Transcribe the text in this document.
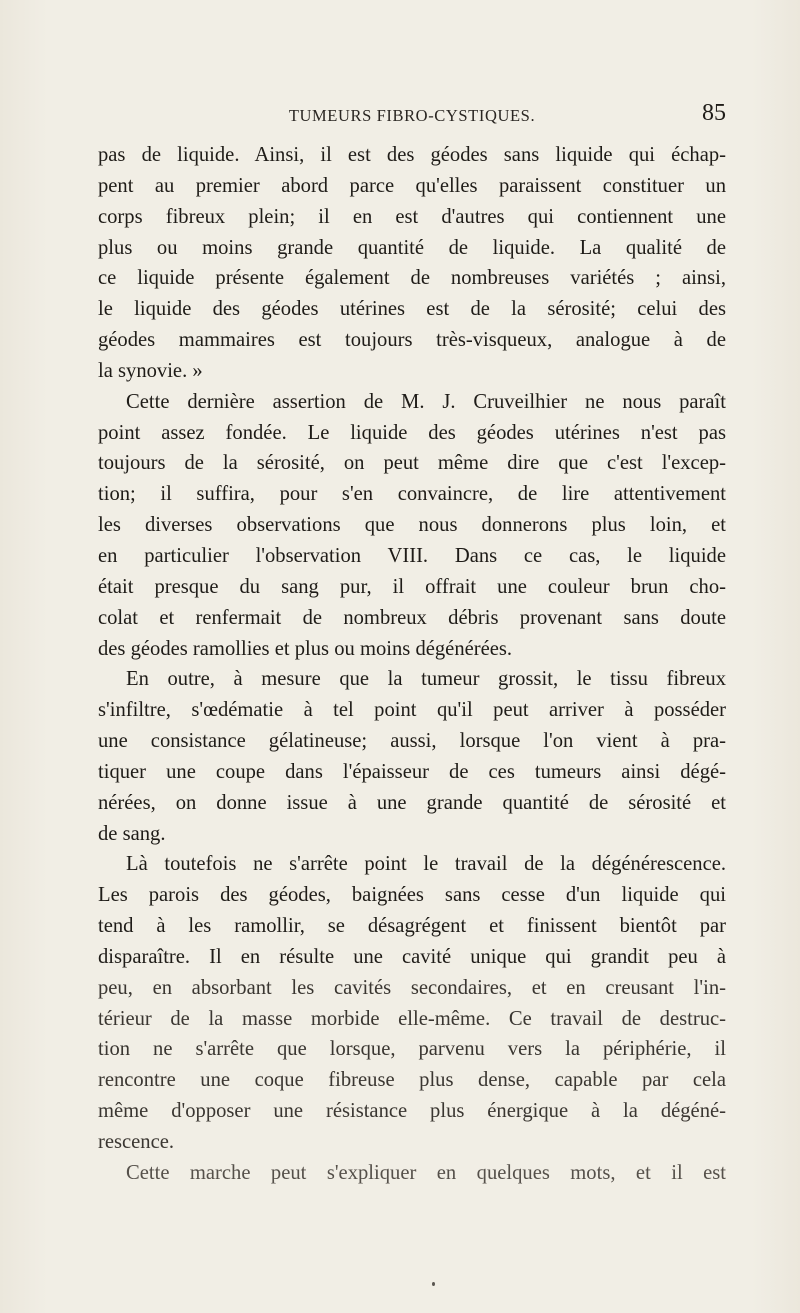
TUMEURS FIBRO-CYSTIQUES.	85
pas de liquide. Ainsi, il est des géodes sans liquide qui échap-
pent au premier abord parce qu'elles paraissent constituer un
corps fibreux plein; il en est d'autres qui contiennent une
plus ou moins grande quantité de liquide. La qualité de
ce liquide présente également de nombreuses variétés ; ainsi,
le liquide des géodes utérines est de la sérosité; celui des
géodes mammaires est toujours très-visqueux, analogue à de
la synovie. »
Cette dernière assertion de M. J. Cruveilhier ne nous paraît
point assez fondée. Le liquide des géodes utérines n'est pas
toujours de la sérosité, on peut même dire que c'est l'excep-
tion; il suffira, pour s'en convaincre, de lire attentivement
les diverses observations que nous donnerons plus loin, et
en particulier l'observation VIII. Dans ce cas, le liquide
était presque du sang pur, il offrait une couleur brun cho-
colat et renfermait de nombreux débris provenant sans doute
des géodes ramollies et plus ou moins dégénérées.
En outre, à mesure que la tumeur grossit, le tissu fibreux
s'infiltre, s'œdématie à tel point qu'il peut arriver à posséder
une consistance gélatineuse; aussi, lorsque l'on vient à pra-
tiquer une coupe dans l'épaisseur de ces tumeurs ainsi dégé-
nérées, on donne issue à une grande quantité de sérosité et
de sang.
Là toutefois ne s'arrête point le travail de la dégénérescence.
Les parois des géodes, baignées sans cesse d'un liquide qui
tend à les ramollir, se désagrégent et finissent bientôt par
disparaître. Il en résulte une cavité unique qui grandit peu à
peu, en absorbant les cavités secondaires, et en creusant l'in-
térieur de la masse morbide elle-même. Ce travail de destruc-
tion ne s'arrête que lorsque, parvenu vers la périphérie, il
rencontre une coque fibreuse plus dense, capable par cela
même d'opposer une résistance plus énergique à la dégéné-
rescence.
Cette marche peut s'expliquer en quelques mots, et il est
